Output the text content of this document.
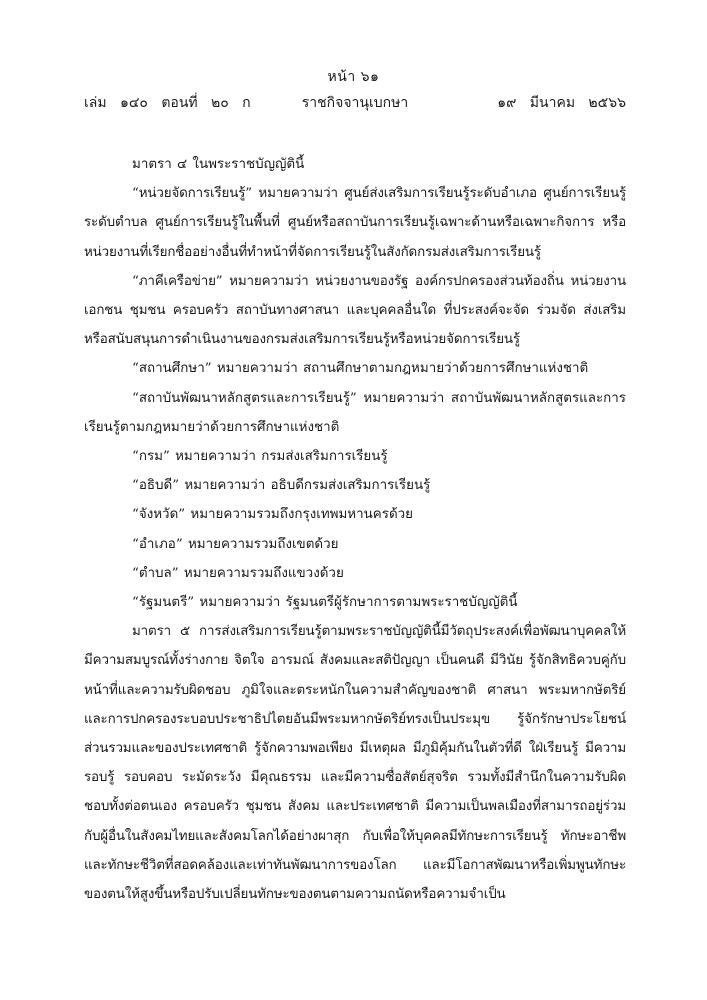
หน้า ๖๑
เล่ม   ๑๔๐   ตอนที่   ๒๐   ก	ราชกิจจานุเบกษา	๑๙   มีนาคม   ๒๕๖๖

มาตรา ๔ ในพระราชบัญญัตินี้

“หน่วยจัดการเรียนรู้” หมายความว่า ศูนย์ส่งเสริมการเรียนรู้ระดับอำเภอ ศูนย์การเรียนรู้ระดับตำบล ศูนย์การเรียนรู้ในพื้นที่ ศูนย์หรือสถาบันการเรียนรู้เฉพาะด้านหรือเฉพาะกิจการ หรือหน่วยงานที่เรียกชื่ออย่างอื่นที่ทำหน้าที่จัดการเรียนรู้ในสังกัดกรมส่งเสริมการเรียนรู้

“ภาคีเครือข่าย” หมายความว่า หน่วยงานของรัฐ องค์กรปกครองส่วนท้องถิ่น หน่วยงานเอกชน ชุมชน ครอบครัว สถาบันทางศาสนา และบุคคลอื่นใด ที่ประสงค์จะจัด ร่วมจัด ส่งเสริม หรือสนับสนุนการดำเนินงานของกรมส่งเสริมการเรียนรู้หรือหน่วยจัดการเรียนรู้

“สถานศึกษา” หมายความว่า สถานศึกษาตามกฎหมายว่าด้วยการศึกษาแห่งชาติ

“สถาบันพัฒนาหลักสูตรและการเรียนรู้” หมายความว่า สถาบันพัฒนาหลักสูตรและการเรียนรู้ตามกฎหมายว่าด้วยการศึกษาแห่งชาติ

“กรม” หมายความว่า กรมส่งเสริมการเรียนรู้

“อธิบดี” หมายความว่า อธิบดีกรมส่งเสริมการเรียนรู้

“จังหวัด” หมายความรวมถึงกรุงเทพมหานครด้วย

“อำเภอ” หมายความรวมถึงเขตด้วย

“ตำบล” หมายความรวมถึงแขวงด้วย

“รัฐมนตรี” หมายความว่า รัฐมนตรีผู้รักษาการตามพระราชบัญญัตินี้

มาตรา ๕ การส่งเสริมการเรียนรู้ตามพระราชบัญญัตินี้มีวัตถุประสงค์เพื่อพัฒนาบุคคลให้มีความสมบูรณ์ทั้งร่างกาย จิตใจ อารมณ์ สังคมและสติปัญญา เป็นคนดี มีวินัย รู้จักสิทธิควบคู่กับหน้าที่และความรับผิดชอบ ภูมิใจและตระหนักในความสำคัญของชาติ ศาสนา พระมหากษัตริย์ และการปกครองระบอบประชาธิปไตยอันมีพระมหากษัตริย์ทรงเป็นประมุข รู้จักรักษาประโยชน์ส่วนรวมและของประเทศชาติ รู้จักความพอเพียง มีเหตุผล มีภูมิคุ้มกันในตัวที่ดี ใฝ่เรียนรู้ มีความรอบรู้ รอบคอบ ระมัดระวัง มีคุณธรรม และมีความซื่อสัตย์สุจริต รวมทั้งมีสำนึกในความรับผิดชอบทั้งต่อตนเอง ครอบครัว ชุมชน สังคม และประเทศชาติ มีความเป็นพลเมืองที่สามารถอยู่ร่วมกับผู้อื่นในสังคมไทยและสังคมโลกได้อย่างผาสุก กับเพื่อให้บุคคลมีทักษะการเรียนรู้ ทักษะอาชีพ และทักษะชีวิตที่สอดคล้องและเท่าทันพัฒนาการของโลก และมีโอกาสพัฒนาหรือเพิ่มพูนทักษะของตนให้สูงขึ้นหรือปรับเปลี่ยนทักษะของตนตามความถนัดหรือความจำเป็น
